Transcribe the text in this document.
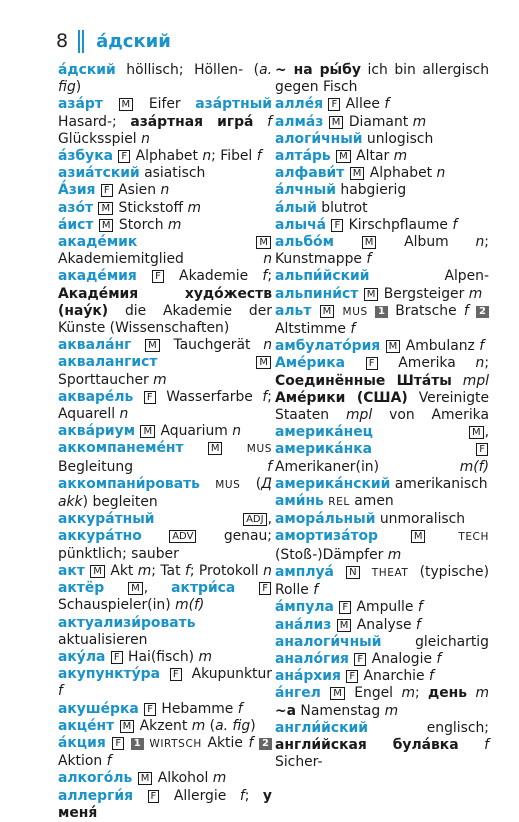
8 а́дский

а́дский höllisch; Höllen- (a. fig)

аза́рт M Eifer аза́ртный Hasard-; аза́ртная игра́ f Glücksspiel n

а́збука F Alphabet n; Fibel f

азиа́тский asiatisch

А́зия F Asien n

азо́т M Stickstoff m

а́ист M Storch m

акаде́мик	M Akademiemitglied n акаде́мия F Akademie f; Акаде́мия худо́жеств (нау́к) die Akademie der Künste (Wissenschaften)

аквала́нг M Tauchgerät n аквалангист	M Sporttaucher m

акваре́ль F Wasserfarbe f; Aquarell n

аква́риум M Aquarium n

аккомпанеме́нт	M	MUS Begleitung f аккомпани́ровать MUS (Д akk) begleiten

аккура́тный	ADJ , аккура́тно	ADV genau; pünktlich; sauber

акт M Akt m; Tat f; Protokoll n

актёр	M , актри́са	F Schauspieler(in) m(f)

актуализи́ровать aktualisieren

аку́ла F Hai(fisch) m

акупункту́ра F Akupunktur f

акуше́рка F Hebamme f

акце́нт M Akzent m (a. fig)

а́кция F 1 WIRTSCH Aktie f 2 Aktion f

алкого́ль M Alkohol m

аллерги́я F Allergie f; у меня́

~ на ры́бу ich bin allergisch gegen Fisch

алле́я F Allee f

алма́з M Diamant m

алоги́чный unlogisch

алта́рь M Altar m

алфави́т M Alphabet n

а́лчный habgierig

а́лый blutrot

алыча́ F Kirschpflaume f

альбо́м	M Album n; Kunstmappe f

альпи́йский Alpen- альпини́ст M Bergsteiger m

альт M MUS 1 Bratsche f 2 Altstimme f

амбулато́рия M Ambulanz f

Аме́рика F Amerika n; Соединённые Шта́ты mpl Аме́рики (США) Vereinigte Staaten mpl von Amerika америка́нец	M , америка́нка	F Amerikaner(in) m(f) америка́нский amerikanisch

ами́нь REL amen

амора́льный unmoralisch

амортиза́тор	M	TECH (Stoß-)Dämpfer m

амплуа́ N THEAT (typische) Rolle f

а́мпула F Ampulle f

ана́лиз M Analyse f

аналоги́чный gleichartig анало́гия F Analogie f

ана́рхия F Anarchie f

а́нгел M Engel m; день m ~а Namenstag m

англи́йский englisch; англи́йская була́вка f Sicher-
